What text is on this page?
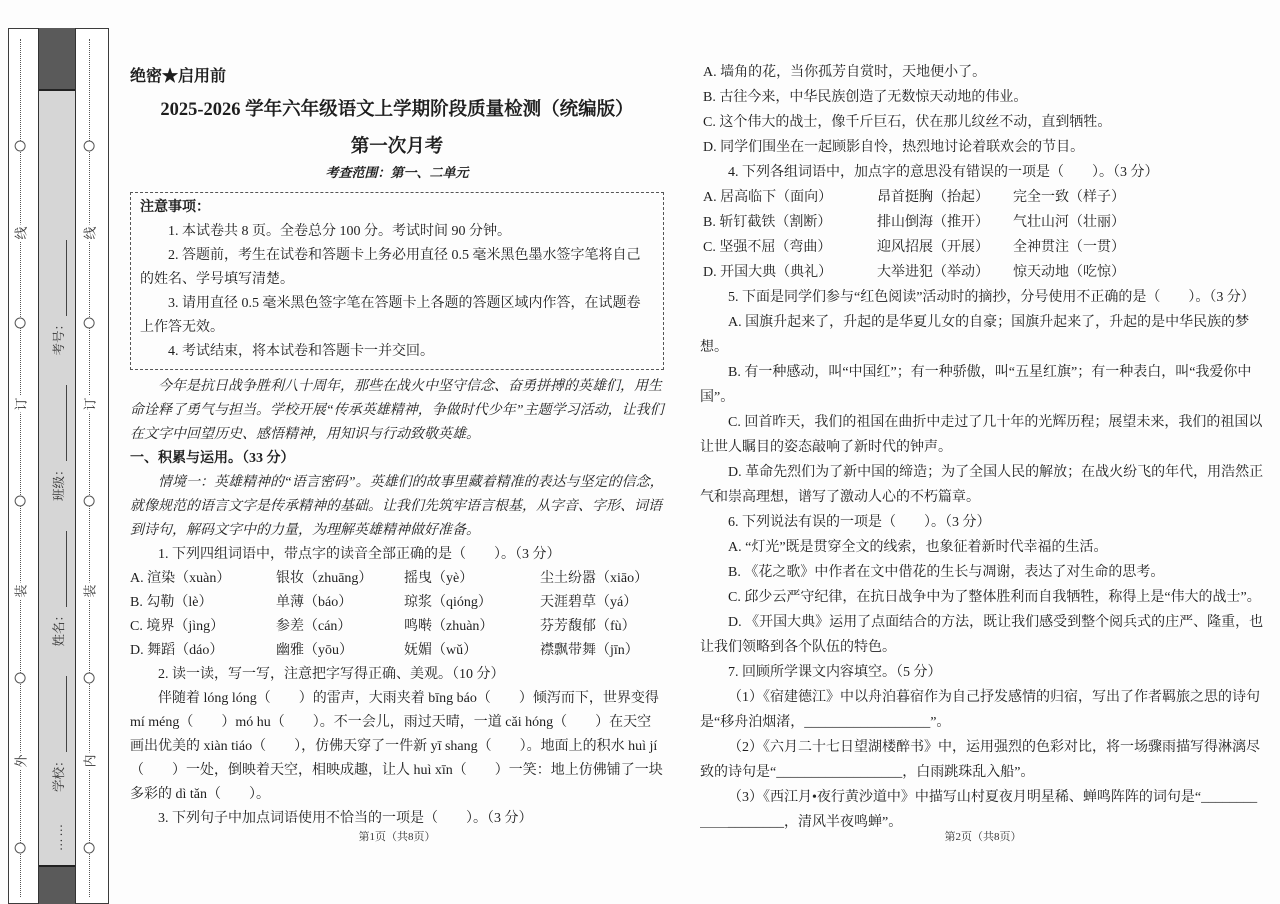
线
订
装
外
……
学校：
姓名：
班级：
考号：
线
订
装
内
绝密★启用前
2025-2026 学年六年级语文上学期阶段质量检测（统编版）
第一次月考
考查范围：第一、二单元
注意事项：

1. 本试卷共 8 页。全卷总分 100 分。考试时间 90 分钟。

2. 答题前，考生在试卷和答题卡上务必用直径 0.5 毫米黑色墨水签字笔将自己的姓名、学号填写清楚。

3. 请用直径 0.5 毫米黑色签字笔在答题卡上各题的答题区域内作答，在试题卷上作答无效。

4. 考试结束，将本试卷和答题卡一并交回。

今年是抗日战争胜利八十周年，那些在战火中坚守信念、奋勇拼搏的英雄们，用生命诠释了勇气与担当。学校开展“传承英雄精神，争做时代少年”主题学习活动，让我们在文字中回望历史、感悟精神，用知识与行动致敬英雄。

一、积累与运用。（33 分）

情境一：英雄精神的“语言密码”。英雄们的故事里藏着精准的表达与坚定的信念，就像规范的语言文字是传承精神的基础。让我们先筑牢语言根基，从字音、字形、词语到诗句，解码文字中的力量，为理解英雄精神做好准备。

1. 下列四组词语中，带点字的读音全部正确的是（　　）。（3 分）

A. 渲染（xuàn）	银妆（zhuāng）	摇曳（yè）	尘土纷嚣（xiāo）
B. 勾勒（lè）	单薄（báo）	琼浆（qióng）	天涯碧草（yá）
C. 境界（jìng）	参差（cán）	鸣啭（zhuàn）	芬芳馥郁（fù）
D. 舞蹈（dáo）	幽雅（yōu）	妩媚（wǔ）	襟飘带舞（jīn）

2. 读一读，写一写，注意把字写得正确、美观。（10 分）

伴随着 lóng lóng（　　）的雷声，大雨夹着 bīng báo（　　）倾泻而下，世界变得 mí méng（　　）mó hu（　　）。不一会儿，雨过天晴，一道 cǎi hóng（　　）在天空画出优美的 xiàn tiáo（　　），仿佛天穿了一件新 yī shang（　　）。地面上的积水 huì jí（　　）一处，倒映着天空，相映成趣，让人 huì xīn（　　）一笑：地上仿佛铺了一块多彩的 dì tǎn（　　）。

3. 下列句子中加点词语使用不恰当的一项是（　　）。（3 分）

第1页（共8页）

A. 墙角的花，当你孤芳自赏时，天地便小了。

B. 古往今来，中华民族创造了无数惊天动地的伟业。

C. 这个伟大的战士，像千斤巨石，伏在那儿纹丝不动，直到牺牲。

D. 同学们围坐在一起顾影自怜，热烈地讨论着联欢会的节目。

4. 下列各组词语中，加点字的意思没有错误的一项是（　　）。（3 分）

A. 居高临下（面向）	昂首挺胸（抬起）	完全一致（样子）
B. 斩钉截铁（割断）	排山倒海（推开）	气壮山河（壮丽）
C. 坚强不屈（弯曲）	迎风招展（开展）	全神贯注（一贯）
D. 开国大典（典礼）	大举进犯（举动）	惊天动地（吃惊）

5. 下面是同学们参与“红色阅读”活动时的摘抄，分号使用不正确的是（　　）。（3 分）

A. 国旗升起来了，升起的是华夏儿女的自豪；国旗升起来了，升起的是中华民族的梦想。

B. 有一种感动，叫“中国红”；有一种骄傲，叫“五星红旗”；有一种表白，叫“我爱你中国”。

C. 回首昨天，我们的祖国在曲折中走过了几十年的光辉历程；展望未来，我们的祖国以让世人瞩目的姿态敲响了新时代的钟声。

D. 革命先烈们为了新中国的缔造；为了全国人民的解放；在战火纷飞的年代，用浩然正气和崇高理想，谱写了激动人心的不朽篇章。

6. 下列说法有误的一项是（　　）。（3 分）

A. “灯光”既是贯穿全文的线索，也象征着新时代幸福的生活。

B. 《花之歌》中作者在文中借花的生长与凋谢，表达了对生命的思考。

C. 邱少云严守纪律，在抗日战争中为了整体胜利而自我牺牲，称得上是“伟大的战士”。

D. 《开国大典》运用了点面结合的方法，既让我们感受到整个阅兵式的庄严、隆重，也让我们领略到各个队伍的特色。

7. 回顾所学课文内容填空。（5 分）

（1）《宿建德江》中以舟泊暮宿作为自己抒发感情的归宿，写出了作者羁旅之思的诗句是“移舟泊烟渚，__________________”。

（2）《六月二十七日望湖楼醉书》中，运用强烈的色彩对比，将一场骤雨描写得淋漓尽致的诗句是“__________________，白雨跳珠乱入船”。

（3）《西江月•夜行黄沙道中》中描写山村夏夜月明星稀、蝉鸣阵阵的词句是“________＿＿________，清风半夜鸣蝉”。

第2页（共8页）
